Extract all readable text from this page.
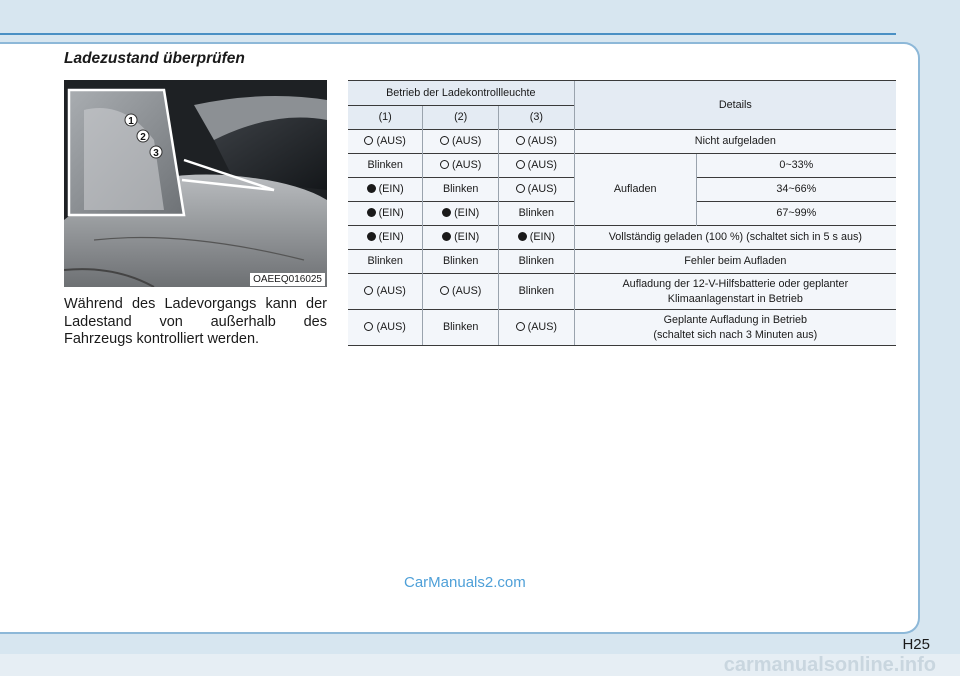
Ladezustand überprüfen
1
2
3
OAEEQ016025
Während des Ladevorgangs kann der Ladestand von außerhalb des Fahrzeugs kontrolliert werden.
Betrieb der Ladekontrollleuchte			Details	
(1)	(2)	(3)		
(AUS)	(AUS)	(AUS)	Nicht aufgeladen	
Blinken	(AUS)	(AUS)	Aufladen	0~33%
(EIN)	Blinken	(AUS)		34~66%
(EIN)	(EIN)	Blinken		67~99%
(EIN)	(EIN)	(EIN)	Vollständig geladen (100 %) (schaltet sich in 5 s aus)	
Blinken	Blinken	Blinken	Fehler beim Aufladen	
(AUS)	(AUS)	Blinken	Aufladung der 12-V-Hilfsbatterie oder geplanter
Klimaanlagenstart in Betrieb	

(AUS)	Blinken	(AUS)	Geplante Aufladung in Betrieb
(schaltet sich nach 3 Minuten aus)	
CarManuals2.com
H25
carmanualsonline.info
